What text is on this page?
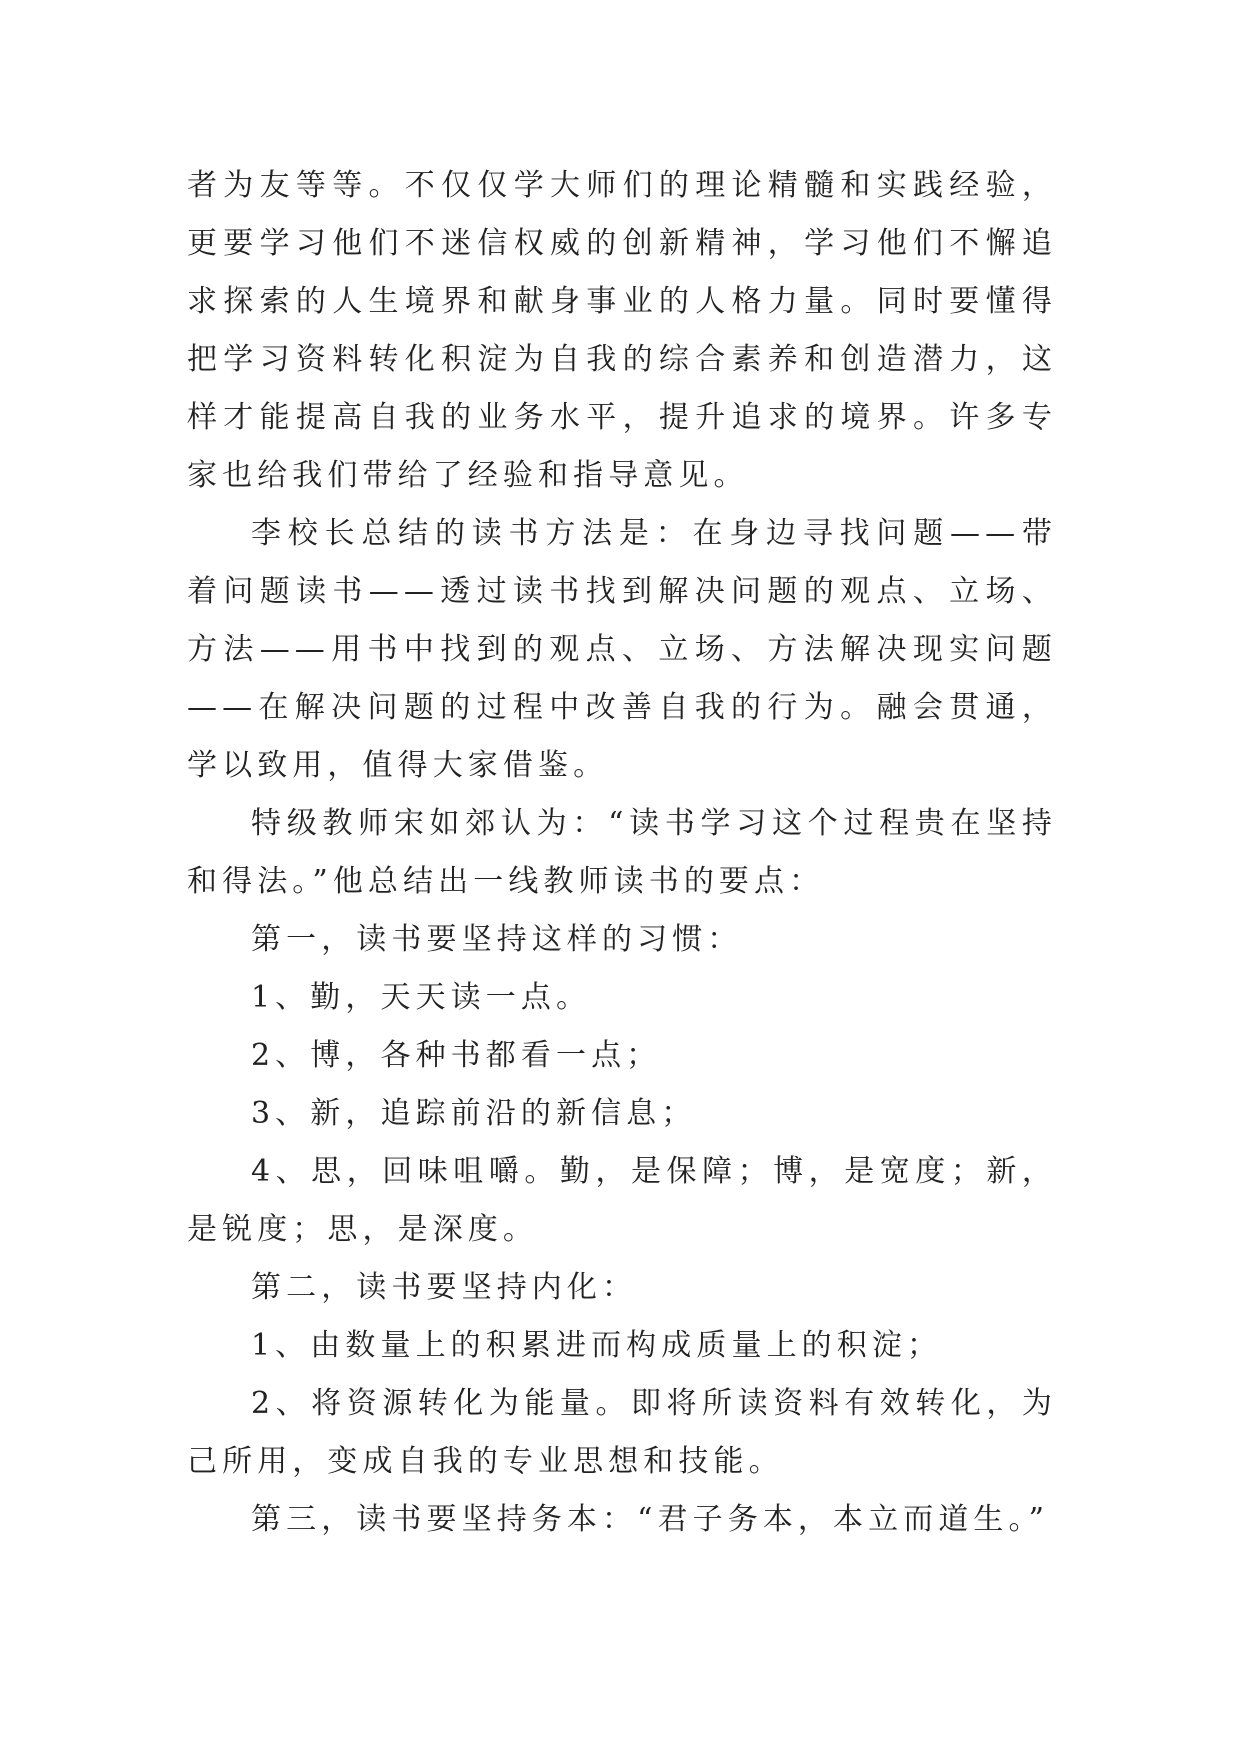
者为友等等。不仅仅学大师们的理论精髓和实践经验，更要学习他们不迷信权威的创新精神，学习他们不懈追求探索的人生境界和献身事业的人格力量。同时要懂得把学习资料转化积淀为自我的综合素养和创造潜力，这样才能提高自我的业务水平，提升追求的境界。许多专家也给我们带给了经验和指导意见。

李校长总结的读书方法是：在身边寻找问题——带着问题读书——透过读书找到解决问题的观点、立场、方法——用书中找到的观点、立场、方法解决现实问题——在解决问题的过程中改善自我的行为。融会贯通，学以致用，值得大家借鉴。

特级教师宋如郊认为：“读书学习这个过程贵在坚持和得法。”他总结出一线教师读书的要点：

第一，读书要坚持这样的习惯：

1、勤，天天读一点。

2、博，各种书都看一点；

3、新，追踪前沿的新信息；

4、思，回味咀嚼。勤，是保障；博，是宽度；新，是锐度；思，是深度。

第二，读书要坚持内化：

1、由数量上的积累进而构成质量上的积淀；

2、将资源转化为能量。即将所读资料有效转化，为己所用，变成自我的专业思想和技能。

第三，读书要坚持务本：“君子务本，本立而道生。”
